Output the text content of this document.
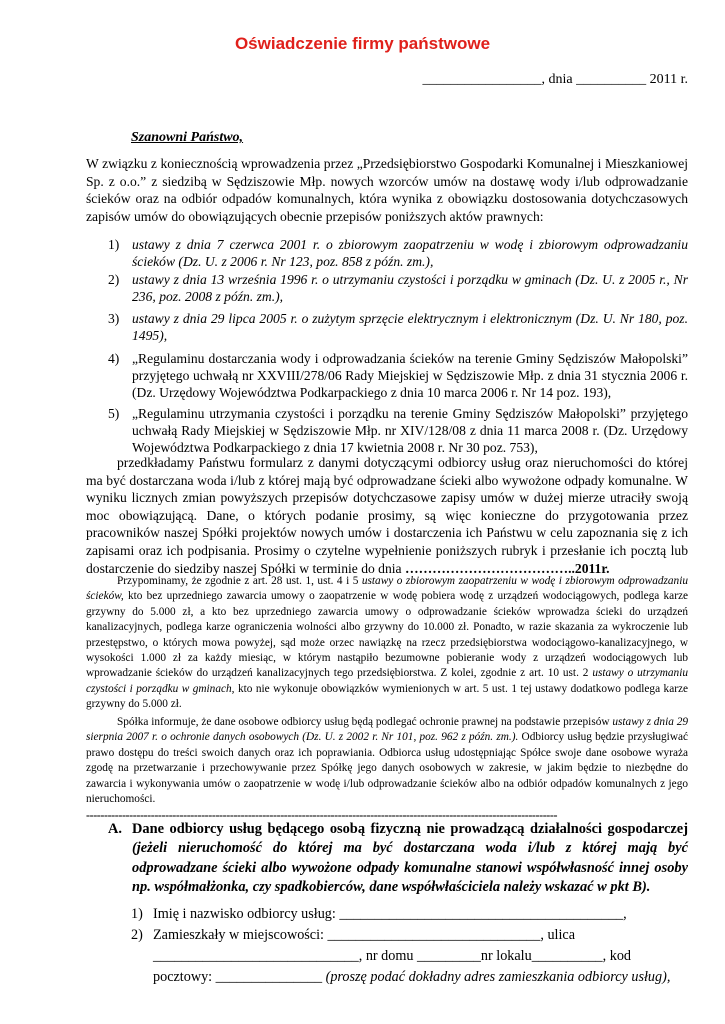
Oświadczenie firmy państwowe
_________________, dnia __________ 2011 r.
Szanowni Państwo,

W związku z koniecznością wprowadzenia przez „Przedsiębiorstwo Gospodarki Komunalnej i Mieszkaniowej Sp. z o.o.” z siedzibą w Sędziszowie Młp. nowych wzorców umów na dostawę wody i/lub odprowadzanie ścieków oraz na odbiór odpadów komunalnych, która wynika z obowiązku dostosowania dotychczasowych zapisów umów do obowiązujących obecnie przepisów poniższych aktów prawnych:

1) ustawy z dnia 7 czerwca 2001 r. o zbiorowym zaopatrzeniu w wodę i zbiorowym odprowadzaniu ścieków (Dz. U. z 2006 r. Nr 123, poz. 858 z późn. zm.),
2) ustawy z dnia 13 września 1996 r. o utrzymaniu czystości i porządku w gminach (Dz. U. z 2005 r., Nr 236, poz. 2008 z późn. zm.),
3) ustawy z dnia 29 lipca 2005 r. o zużytym sprzęcie elektrycznym i elektronicznym (Dz. U. Nr 180, poz. 1495),
4) „Regulaminu dostarczania wody i odprowadzania ścieków na terenie Gminy Sędziszów Małopolski” przyjętego uchwałą nr XXVIII/278/06 Rady Miejskiej w Sędziszowie Młp. z dnia 31 stycznia 2006 r. (Dz. Urzędowy Województwa Podkarpackiego z dnia 10 marca 2006 r. Nr 14 poz. 193),
5) „Regulaminu utrzymania czystości i porządku na terenie Gminy Sędziszów Małopolski” przyjętego uchwałą Rady Miejskiej w Sędziszowie Młp. nr XIV/128/08 z dnia 11 marca 2008 r. (Dz. Urzędowy Województwa Podkarpackiego z dnia 17 kwietnia 2008 r. Nr 30 poz. 753),

przedkładamy Państwu formularz z danymi dotyczącymi odbiorcy usług oraz nieruchomości do której ma być dostarczana woda i/lub z której mają być odprowadzane ścieki albo wywożone odpady komunalne. W wyniku licznych zmian powyższych przepisów dotychczasowe zapisy umów w dużej mierze utraciły swoją moc obowiązującą. Dane, o których podanie prosimy, są więc konieczne do przygotowania przez pracowników naszej Spółki projektów nowych umów i dostarczenia ich Państwu w celu zapoznania się z ich zapisami oraz ich podpisania. Prosimy o czytelne wypełnienie poniższych rubryk i przesłanie ich pocztą lub dostarczenie do siedziby naszej Spółki w terminie do dnia ………………………………..2011r.

Przypominamy, że zgodnie z art. 28 ust. 1, ust. 4 i 5 ustawy o zbiorowym zaopatrzeniu w wodę i zbiorowym odprowadzaniu ścieków, kto bez uprzedniego zawarcia umowy o zaopatrzenie w wodę pobiera wodę z urządzeń wodociągowych, podlega karze grzywny do 5.000 zł, a kto bez uprzedniego zawarcia umowy o odprowadzanie ścieków wprowadza ścieki do urządzeń kanalizacyjnych, podlega karze ograniczenia wolności albo grzywny do 10.000 zł. Ponadto, w razie skazania za wykroczenie lub przestępstwo, o których mowa powyżej, sąd może orzec nawiązkę na rzecz przedsiębiorstwa wodociągowo-kanalizacyjnego, w wysokości 1.000 zł za każdy miesiąc, w którym nastąpiło bezumowne pobieranie wody z urządzeń wodociągowych lub wprowadzanie ścieków do urządzeń kanalizacyjnych tego przedsiębiorstwa. Z kolei, zgodnie z art. 10 ust. 2 ustawy o utrzymaniu czystości i porządku w gminach, kto nie wykonuje obowiązków wymienionych w art. 5 ust. 1 tej ustawy dodatkowo podlega karze grzywny do 5.000 zł.

Spółka informuje, że dane osobowe odbiorcy usług będą podlegać ochronie prawnej na podstawie przepisów ustawy z dnia 29 sierpnia 2007 r. o ochronie danych osobowych (Dz. U. z 2002 r. Nr 101, poz. 962 z późn. zm.). Odbiorcy usług będzie przysługiwać prawo dostępu do treści swoich danych oraz ich poprawiania. Odbiorca usług udostępniając Spółce swoje dane osobowe wyraża zgodę na przetwarzanie i przechowywanie przez Spółkę jego danych osobowych w zakresie, w jakim będzie to niezbędne do zawarcia i wykonywania umów o zaopatrzenie w wodę i/lub odprowadzanie ścieków albo na odbiór odpadów komunalnych z jego nieruchomości.

-----------------------------------------------------------------------------------------------------------------------------------
A. Dane odbiorcy usług będącego osobą fizyczną nie prowadzącą działalności gospodarczej (jeżeli nieruchomość do której ma być dostarczana woda i/lub z której mają być odprowadzane ścieki albo wywożone odpady komunalne stanowi współwłasność innej osoby np. współmałżonka, czy spadkobierców, dane współwłaściciela należy wskazać w pkt B).
1) Imię i nazwisko odbiorcy usług: ________________________________________,
2) Zamieszkały w miejscowości: ______________________________, ulica
_____________________________, nr domu _________nr lokalu__________, kod
pocztowy: _______________ (proszę podać dokładny adres zamieszkania odbiorcy usług),
